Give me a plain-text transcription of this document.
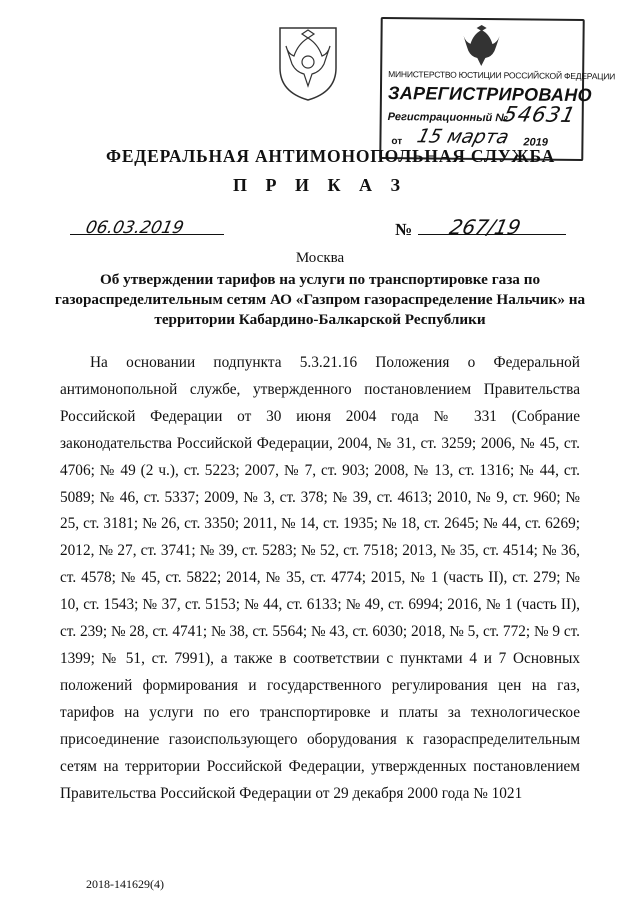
МИНИСТЕРСТВО ЮСТИЦИИ РОССИЙСКОЙ ФЕДЕРАЦИИ
ЗАРЕГИСТРИРОВАНО
Регистрационный №
54631
от 15 марта 2019
ФЕДЕРАЛЬНАЯ АНТИМОНОПОЛЬНАЯ СЛУЖБА
П Р И К А З
06.03.2019	№ 267/19
Москва
Об утверждении тарифов на услуги по транспортировке газа по газораспределительным сетям АО «Газпром газораспределение Нальчик» на территории Кабардино-Балкарской Республики
На основании подпункта 5.3.21.16 Положения о Федеральной антимонопольной службе, утвержденного постановлением Правительства Российской Федерации от 30 июня 2004 года № 331 (Собрание законодательства Российской Федерации, 2004, № 31, ст. 3259; 2006, № 45, ст. 4706; № 49 (2 ч.), ст. 5223; 2007, № 7, ст. 903; 2008, № 13, ст. 1316; № 44, ст. 5089; № 46, ст. 5337; 2009, № 3, ст. 378; № 39, ст. 4613; 2010, № 9, ст. 960; № 25, ст. 3181; № 26, ст. 3350; 2011, № 14, ст. 1935; № 18, ст. 2645; № 44, ст. 6269; 2012, № 27, ст. 3741; № 39, ст. 5283; № 52, ст. 7518; 2013, № 35, ст. 4514; № 36, ст. 4578; № 45, ст. 5822; 2014, № 35, ст. 4774; 2015, № 1 (часть II), ст. 279; № 10, ст. 1543; № 37, ст. 5153; № 44, ст. 6133; № 49, ст. 6994; 2016, № 1 (часть II), ст. 239; № 28, ст. 4741; № 38, ст. 5564; № 43, ст. 6030; 2018, № 5, ст. 772; № 9 ст. 1399; № 51, ст. 7991), а также в соответствии с пунктами 4 и 7 Основных положений формирования и государственного регулирования цен на газ, тарифов на услуги по его транспортировке и платы за технологическое присоединение газоиспользующего оборудования к газораспределительным сетям на территории Российской Федерации, утвержденных постановлением Правительства Российской Федерации от 29 декабря 2000 года № 1021
2018-141629(4)
